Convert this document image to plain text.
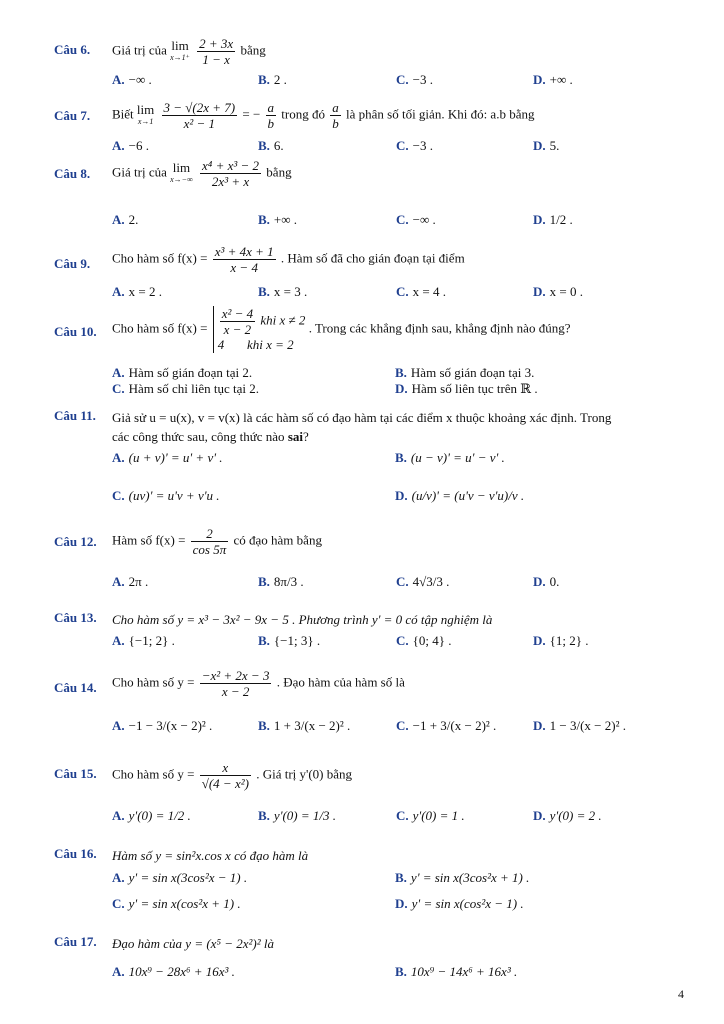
Câu 6. Giá trị của lim
x→1⁺
$\frac{2 + 3x}{1 - x}$ bằng
A. −∞ .	B. 2 .	C. −3 .	D. +∞ .
Câu 7. Biết lim
x→1
$\frac{3 - √(2x + 7)}{\text{x² − 1}}$ = − $\frac{a}{b}$ trong đó $\frac{a}{b}$ là phân số tối giản. Khi đó: a.b bằng
A. −6 .	B. 6.	C. −3 .	D. 5.
Câu 8. Giá trị của lim
x→−∞
$\frac{\text{x⁴ + x³ − 2}}{\text{2x³ + x}}$ bằng
A. 2.	B. +∞ .	C. −∞ .	D. 1/2 .
Câu 9. Cho hàm số $f(x) = \frac{\text{x³ + 4x + 1}}{x - 4}$ . Hàm số đã cho gián đoạn tại điểm
A. x = 2 .	B. x = 3 .	C. x = 4 .	D. x = 0 .
Câu 10. Cho hàm số $f(x) = \frac{\text{x² − 4}}{x - 2}$ khi x ≠ 2
4 khi x = 2
. Trong các khẳng định sau, khẳng định nào đúng?
A. Hàm số gián đoạn tại 2.	B. Hàm số gián đoạn tại 3.
C. Hàm số chỉ liên tục tại 2.	D. Hàm số liên tục trên ℝ .
Câu 11. Giả sử u = u(x), v = v(x) là các hàm số có đạo hàm tại các điểm x thuộc khoảng xác định. Trong
các công thức sau, công thức nào sai?
A. (u + v)' = u' + v' .	B. (u − v)' = u' − v' .
C. (uv)' = u'v + v'u .	D. (u/v)' = (u'v − v'u)/v .
Câu 12. Hàm số $f(x) = \frac{2}{\cos 5\pi}$ có đạo hàm bằng
A. 2π .	B. 8π/3 .	C. 4√3/3 .	D. 0.
Câu 13. Cho hàm số y = x³ − 3x² − 9x − 5 . Phương trình y' = 0 có tập nghiệm là
A. {−1; 2} .	B. {−1; 3} .	C. {0; 4} .	D. {1; 2} .
Câu 14. Cho hàm số $y = \frac{\text{−x² + 2x − 3}}{x - 2}$ . Đạo hàm của hàm số là
A. −1 − 3/(x − 2)² .	B. 1 + 3/(x − 2)² .	C. −1 + 3/(x − 2)² .	D. 1 − 3/(x − 2)² .
Câu 15. Cho hàm số $y = \frac{x}{\text{√(4 − x²)}}$ . Giá trị y'(0) bằng
A. y'(0) = 1/2 .	B. y'(0) = 1/3 .	C. y'(0) = 1 .	D. y'(0) = 2 .
Câu 16. Hàm số y = sin²x.cos x có đạo hàm là
A. y' = sin x(3cos²x − 1) .	B. y' = sin x(3cos²x + 1) .
C. y' = sin x(cos²x + 1) .	D. y' = sin x(cos²x − 1) .
Câu 17. Đạo hàm của y = (x⁵ − 2x²)² là
A. 10x⁹ − 28x⁶ + 16x³ .	B. 10x⁹ − 14x⁶ + 16x³ .
4
